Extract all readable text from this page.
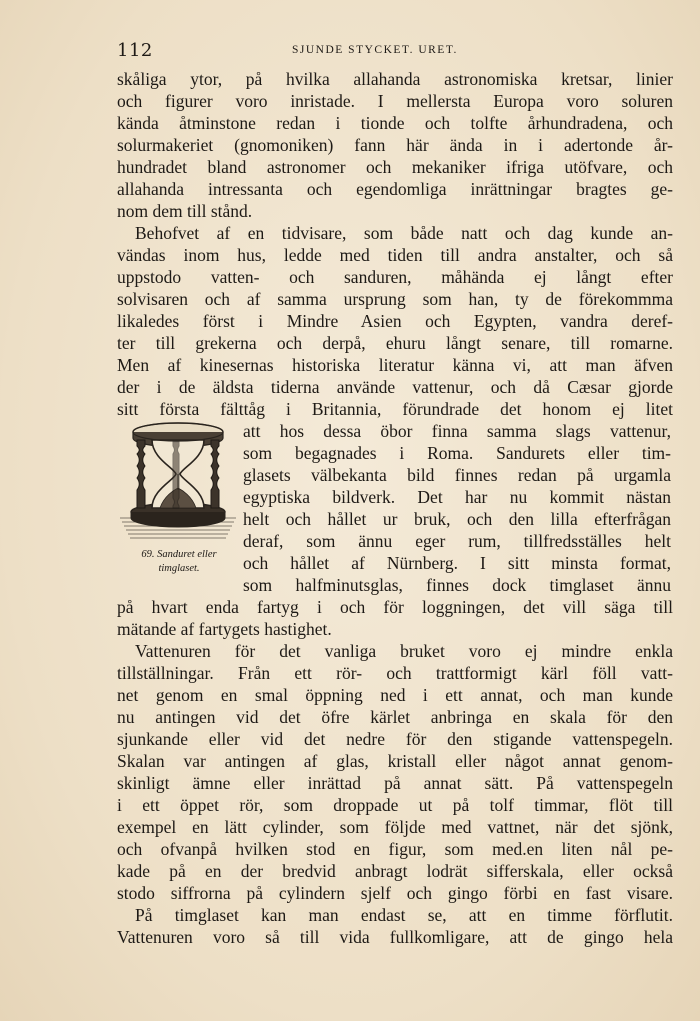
112	SJUNDE STYCKET. URET.
skåliga ytor, på hvilka allahanda astronomiska kretsar, linier
och figurer voro inristade. I mellersta Europa voro soluren
kända åtminstone redan i tionde och tolfte århundradena, och
solurmakeriet (gnomoniken) fann här ända in i adertonde år-
hundradet bland astronomer och mekaniker ifriga utöfvare, och
allahanda intressanta och egendomliga inrättningar bragtes ge-
nom dem till stånd.
Behofvet af en tidvisare, som både natt och dag kunde an-
vändas inom hus, ledde med tiden till andra anstalter, och så
uppstodo vatten- och sanduren, måhända ej långt efter
solvisaren och af samma ursprung som han, ty de förekommma
likaledes först i Mindre Asien och Egypten, vandra deref-
ter till grekerna och derpå, ehuru långt senare, till romarne.
Men af kinesernas historiska literatur känna vi, att man äfven
der i de äldsta tiderna använde vattenur, och då Cæsar gjorde
sitt första fälttåg i Britannia, förundrade det honom ej litet
att hos dessa öbor finna samma slags vattenur,
som begagnades i Roma. Sandurets eller tim-
glasets välbekanta bild finnes redan på urgamla
egyptiska bildverk. Det har nu kommit nästan
helt och hållet ur bruk, och den lilla efterfrågan
deraf, som ännu eger rum, tillfredsställes helt
och hållet af Nürnberg. I sitt minsta format,
som halfminutsglas, finnes dock timglaset ännu
på hvart enda fartyg i och för loggningen, det vill säga till
mätande af fartygets hastighet.
Vattenuren för det vanliga bruket voro ej mindre enkla
tillställningar. Från ett rör- och trattformigt kärl föll vatt-
net genom en smal öppning ned i ett annat, och man kunde
nu antingen vid det öfre kärlet anbringa en skala för den
sjunkande eller vid det nedre för den stigande vattenspegeln.
Skalan var antingen af glas, kristall eller något annat genom-
skinligt ämne eller inrättad på annat sätt. På vattenspegeln
i ett öppet rör, som droppade ut på tolf timmar, flöt till
exempel en lätt cylinder, som följde med vattnet, när det sjönk,
och ofvanpå hvilken stod en figur, som med.en liten nål pe-
kade på en der bredvid anbragt lodrät sifferskala, eller också
stodo siffrorna på cylindern sjelf och gingo förbi en fast visare.
På timglaset kan man endast se, att en timme förflutit.
Vattenuren voro så till vida fullkomligare, att de gingo hela
69. Sanduret eller
timglaset.
